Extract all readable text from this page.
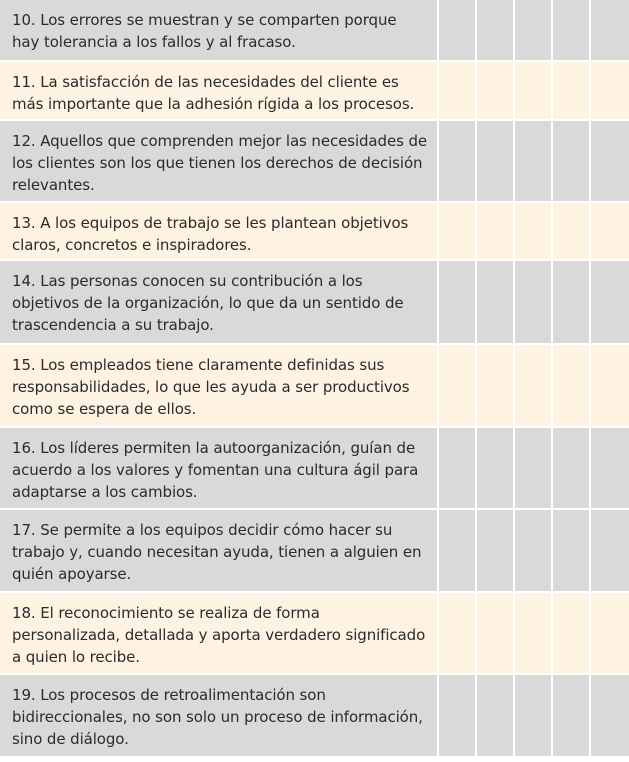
10. Los errores se muestran y se comparten porque hay tolerancia a los fallos y al fracaso.
11. La satisfacción de las necesidades del cliente es más importante que la adhesión rígida a los procesos.
12. Aquellos que comprenden mejor las necesidades de los clientes son los que tienen los derechos de decisión relevantes.
13. A los equipos de trabajo se les plantean objetivos claros, concretos e inspiradores.
14. Las personas conocen su contribución a los objetivos de la organización, lo que da un sentido de trascendencia a su trabajo.
15. Los empleados tiene claramente definidas sus responsabilidades, lo que les ayuda a ser productivos como se espera de ellos.
16. Los líderes permiten la autoorganización, guían de acuerdo a los valores y fomentan una cultura ágil para adaptarse a los cambios.
17. Se permite a los equipos decidir cómo hacer su trabajo y, cuando necesitan ayuda, tienen a alguien en quién apoyarse.
18. El reconocimiento se realiza de forma personalizada, detallada y aporta verdadero significado a quien lo recibe.
19. Los procesos de retroalimentación son bidireccionales, no son solo un proceso de información, sino de diálogo.
